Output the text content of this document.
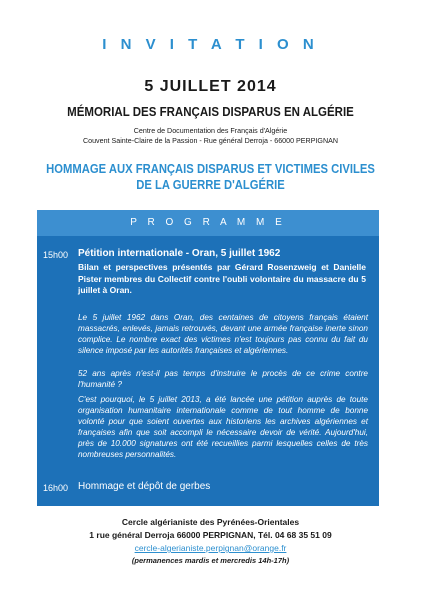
I N V I T A T I O N
5 JUILLET 2014
MÉMORIAL DES FRANÇAIS DISPARUS EN ALGÉRIE
Centre de Documentation des Français d'Algérie
Couvent Sainte-Claire de la Passion - Rue général Derroja - 66000 PERPIGNAN
HOMMAGE AUX FRANÇAIS DISPARUS ET VICTIMES CIVILES
DE LA GUERRE D'ALGÉRIE
P R O G R A M M E
15h00 Pétition internationale - Oran, 5 juillet 1962
Bilan et perspectives présentés par Gérard Rosenzweig et Danielle Pister membres du Collectif contre l'oubli volontaire du massacre du 5 juillet à Oran.
Le 5 juillet 1962 dans Oran, des centaines de citoyens français étaient massacrés, enlevés, jamais retrouvés, devant une armée française inerte sinon complice. Le nombre exact des victimes n'est toujours pas connu du fait du silence imposé par les autorités françaises et algériennes.
52 ans après n'est-il pas temps d'instruire le procès de ce crime contre l'humanité ?
C'est pourquoi, le 5 juillet 2013, a été lancée une pétition auprès de toute organisation humanitaire internationale comme de tout homme de bonne volonté pour que soient ouvertes aux historiens les archives algériennes et françaises afin que soit accompli le nécessaire devoir de vérité. Aujourd'hui, près de 10.000 signatures ont été recueillies parmi lesquelles celles de très nombreuses personnalités.
16h00 Hommage et dépôt de gerbes
Cercle algérianiste des Pyrénées-Orientales
1 rue général Derroja 66000 PERPIGNAN, Tél. 04 68 35 51 09
cercle-algerianiste.perpignan@orange.fr
(permanences mardis et mercredis 14h-17h)
